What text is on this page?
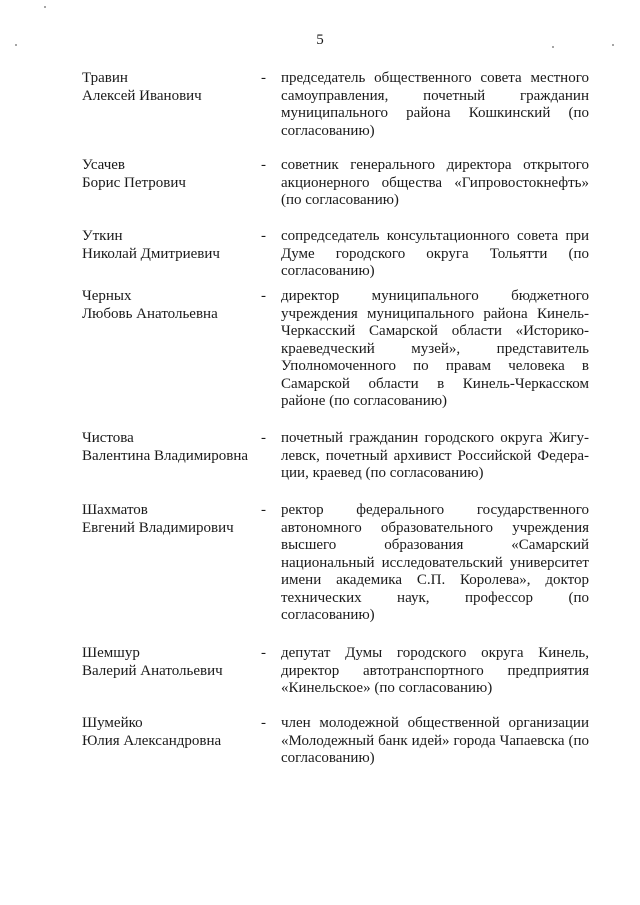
5
Травин
Алексей Иванович
- председатель общественного совета местного
самоуправления, почетный гражданин
муниципального района Кошкинский (по
согласованию)
Усачев
Борис Петрович
- советник генерального директора открытого
акционерного общества «Гипровостокнефть»
(по согласованию)
Уткин
Николай Дмитриевич
- сопредседатель консультационного совета при
Думе городского округа Тольятти (по
согласованию)
Черных
Любовь Анатольевна
- директор муниципального бюджетного
учреждения муниципального района Кинель-
Черкасский Самарской области «Историко-
краеведческий музей», представитель
Уполномоченного по правам человека в
Самарской области в Кинель-Черкасском
районе (по согласованию)
Чистова
Валентина Владимировна
- почетный гражданин городского округа Жигу-
левск, почетный архивист Российской Федера-
ции, краевед (по согласованию)
Шахматов
Евгений Владимирович
- ректор федерального государственного
автономного образовательного учреждения
высшего образования «Самарский
национальный исследовательский университет
имени академика С.П. Королева», доктор
технических наук, профессор (по
согласованию)
Шемшур
Валерий Анатольевич
- депутат Думы городского округа Кинель,
директор автотранспортного предприятия
«Кинельское» (по согласованию)
Шумейко
Юлия Александровна
- член молодежной общественной организации
«Молодежный банк идей» города Чапаевска (по
согласованию)
